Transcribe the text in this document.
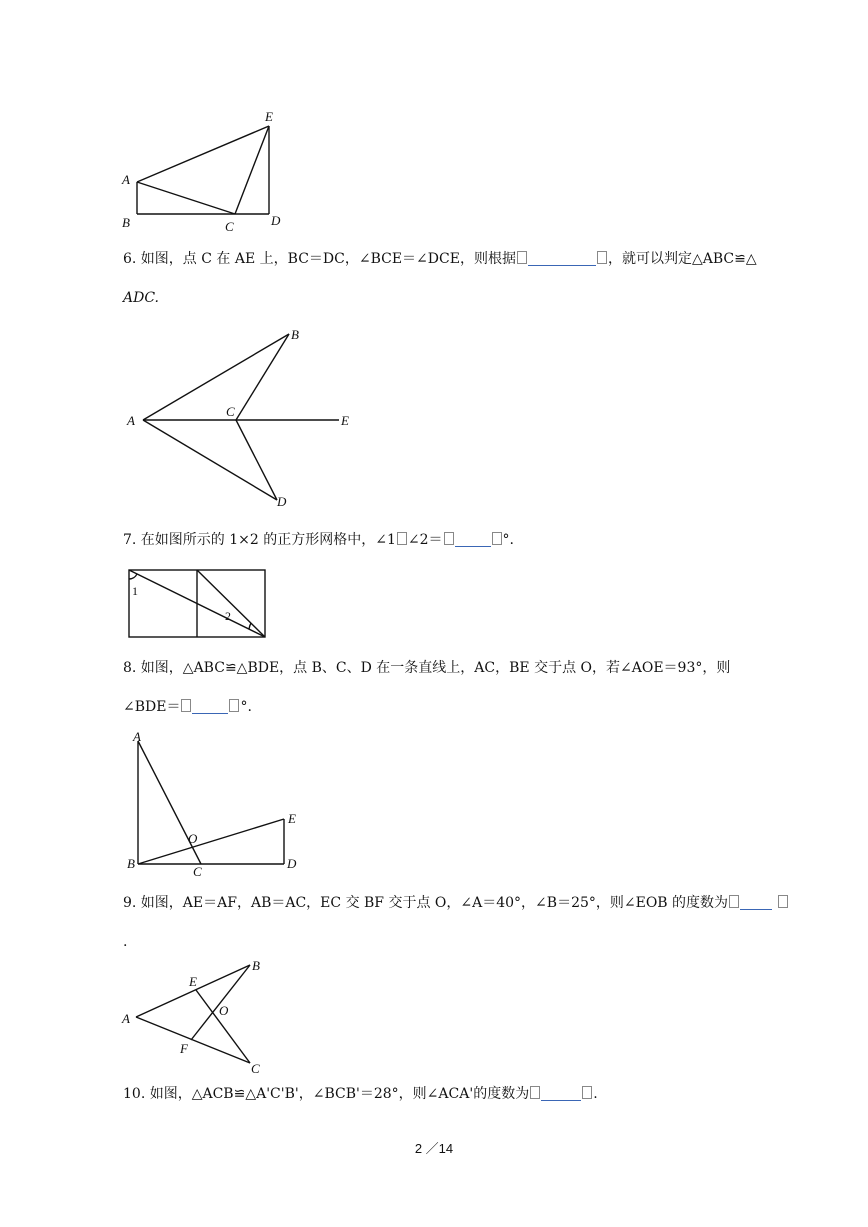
A
B	C	D
E
6. 如图，点 C 在 AE 上，BC＝DC，∠BCE＝∠DCE，则根据	，就可以判定△ABC≌△
ADC.
A
B
C
D
E
7. 在如图所示的 1×2 的正方形网格中，∠1 ∠2＝	°.
1
2
8. 如图，△ABC≌△BDE，点 B、C、D 在一条直线上，AC，BE 交于点 O，若∠AOE＝93°，则
∠BDE＝	°.
A
B
C
D
E
O
9. 如图，AE＝AF，AB＝AC，EC 交 BF 交于点 O，∠A＝40°，∠B＝25°，则∠EOB 的度数为
.
A
B
C
E
F
O
10. 如图，△ACB≌△A'C'B'，∠BCB'＝28°，则∠ACA'的度数为	.
2 ／14
